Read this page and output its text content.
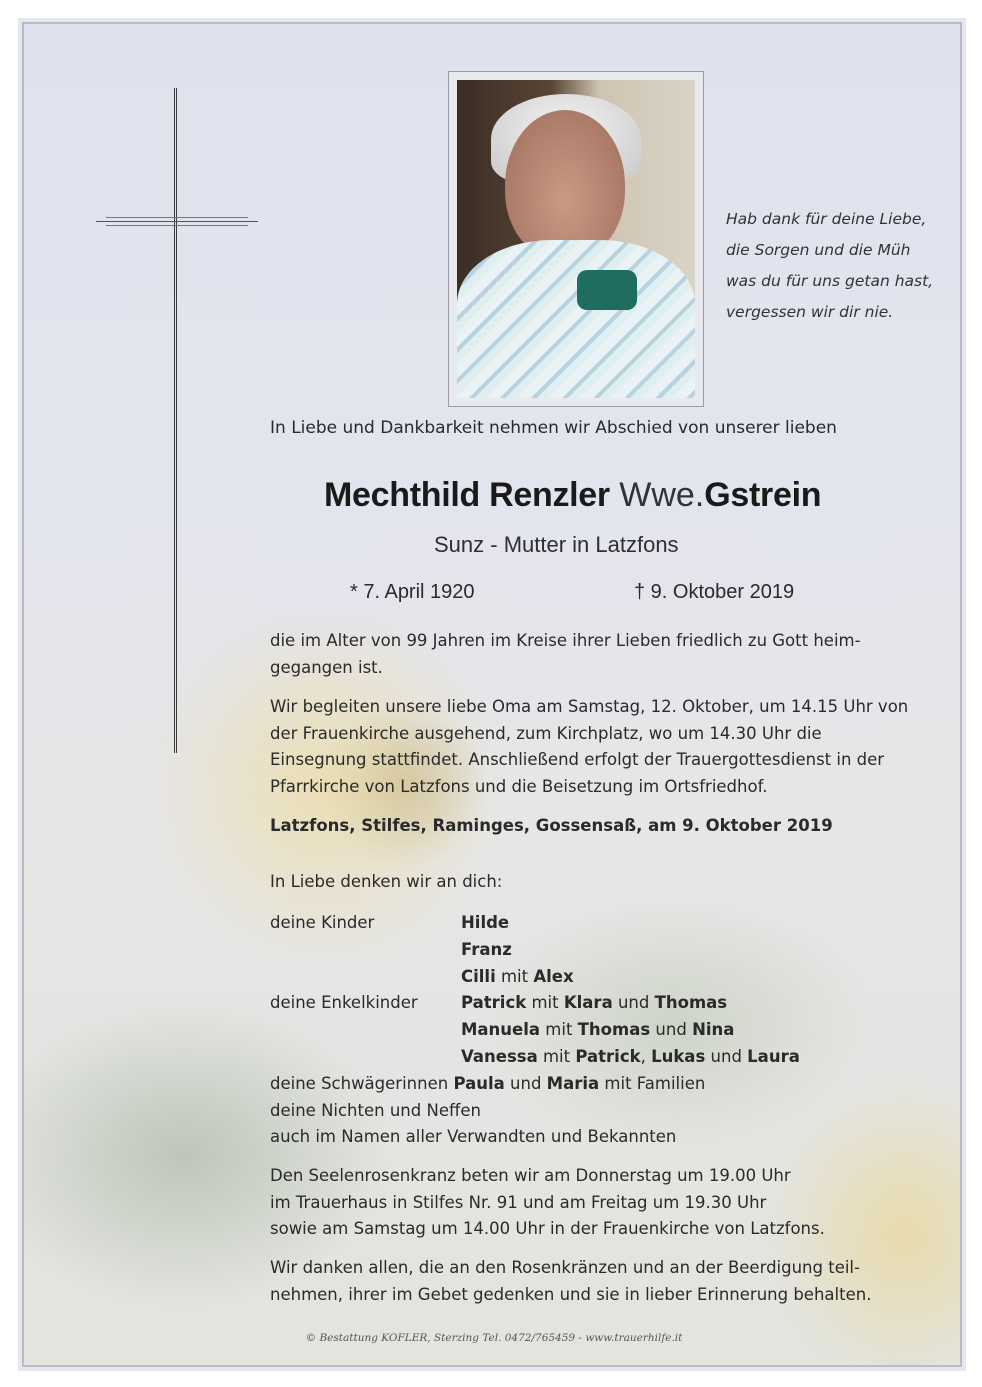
Hab dank für deine Liebe,
die Sorgen und die Müh
was du für uns getan hast,
vergessen wir dir nie.
In Liebe und Dankbarkeit nehmen wir Abschied von unserer lieben
Mechthild Renzler Wwe.Gstrein
Sunz - Mutter in Latzfons
* 7. April 1920	† 9. Oktober 2019

die im Alter von 99 Jahren im Kreise ihrer Lieben friedlich zu Gott heim-gegangen ist.

Wir begleiten unsere liebe Oma am Samstag, 12. Oktober, um 14.15 Uhr von der Frauenkirche ausgehend, zum Kirchplatz, wo um 14.30 Uhr die Einsegnung stattfindet. Anschließend erfolgt der Trauergottesdienst in der Pfarrkirche von Latzfons und die Beisetzung im Ortsfriedhof.

Latzfons, Stilfes, Raminges, Gossensaß, am 9. Oktober 2019
In Liebe denken wir an dich:
deine Kinder	Hilde
Franz
Cilli mit Alex
deine Enkelkinder	Patrick mit Klara und Thomas
Manuela mit Thomas und Nina
Vanessa mit Patrick, Lukas und Laura
deine Schwägerinnen Paula und Maria mit Familien
deine Nichten und Neffen
auch im Namen aller Verwandten und Bekannten
Den Seelenrosenkranz beten wir am Donnerstag um 19.00 Uhr
im Trauerhaus in Stilfes Nr. 91 und am Freitag um 19.30 Uhr
sowie am Samstag um 14.00 Uhr in der Frauenkirche von Latzfons.
Wir danken allen, die an den Rosenkränzen und an der Beerdigung teil-
nehmen, ihrer im Gebet gedenken und sie in lieber Erinnerung behalten.
© Bestattung KOFLER, Sterzing Tel. 0472/765459 - www.trauerhilfe.it
